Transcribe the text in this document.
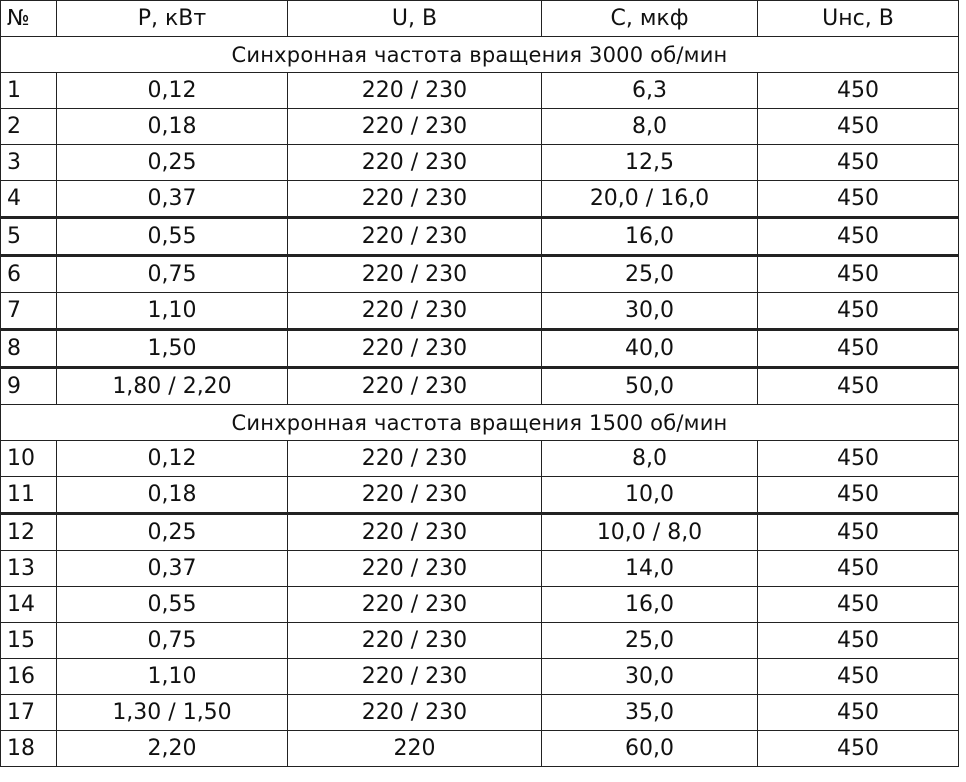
№	P, кВт	U, В	С, мкф	Uнс, В
Синхронная частота вращения 3000 об/мин				
1	0,12	220 / 230	6,3	450
2	0,18	220 / 230	8,0	450
3	0,25	220 / 230	12,5	450
4	0,37	220 / 230	20,0 / 16,0	450
5	0,55	220 / 230	16,0	450
6	0,75	220 / 230	25,0	450
7	1,10	220 / 230	30,0	450
8	1,50	220 / 230	40,0	450
9	1,80 / 2,20	220 / 230	50,0	450
Синхронная частота вращения 1500 об/мин				
10	0,12	220 / 230	8,0	450
11	0,18	220 / 230	10,0	450
12	0,25	220 / 230	10,0 / 8,0	450
13	0,37	220 / 230	14,0	450
14	0,55	220 / 230	16,0	450
15	0,75	220 / 230	25,0	450
16	1,10	220 / 230	30,0	450
17	1,30 / 1,50	220 / 230	35,0	450
18	2,20	220	60,0	450
